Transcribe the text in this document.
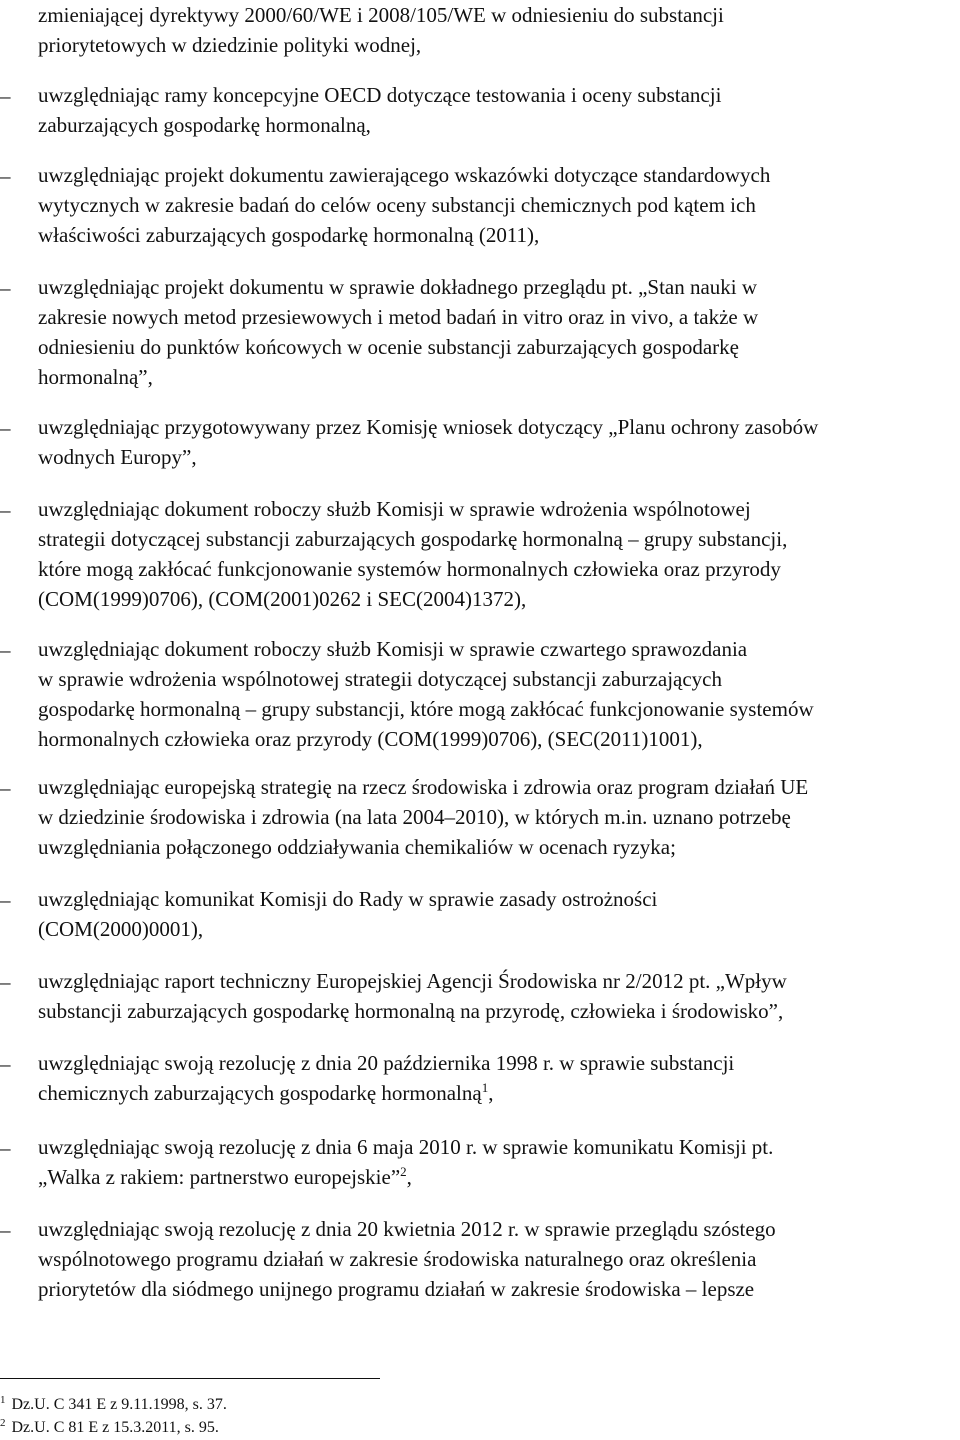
zmieniającej dyrektywy 2000/60/WE i 2008/105/WE w odniesieniu do substancji
priorytetowych w dziedzinie polityki wodnej,
–	uwzględniając ramy koncepcyjne OECD dotyczące testowania i oceny substancji
zaburzających gospodarkę hormonalną,
–	uwzględniając projekt dokumentu zawierającego wskazówki dotyczące standardowych
wytycznych w zakresie badań do celów oceny substancji chemicznych pod kątem ich
właściwości zaburzających gospodarkę hormonalną (2011),
–	uwzględniając projekt dokumentu w sprawie dokładnego przeglądu pt. „Stan nauki w
zakresie nowych metod przesiewowych i metod badań in vitro oraz in vivo, a także w
odniesieniu do punktów końcowych w ocenie substancji zaburzających gospodarkę
hormonalną”,
–	uwzględniając przygotowywany przez Komisję wniosek dotyczący „Planu ochrony zasobów
wodnych Europy”,
–	uwzględniając dokument roboczy służb Komisji w sprawie wdrożenia wspólnotowej
strategii dotyczącej substancji zaburzających gospodarkę hormonalną – grupy substancji,
które mogą zakłócać funkcjonowanie systemów hormonalnych człowieka oraz przyrody
(COM(1999)0706), (COM(2001)0262 i SEC(2004)1372),
–	uwzględniając dokument roboczy służb Komisji w sprawie czwartego sprawozdania
w sprawie wdrożenia wspólnotowej strategii dotyczącej substancji zaburzających
gospodarkę hormonalną – grupy substancji, które mogą zakłócać funkcjonowanie systemów
hormonalnych człowieka oraz przyrody (COM(1999)0706), (SEC(2011)1001),
–	uwzględniając europejską strategię na rzecz środowiska i zdrowia oraz program działań UE
w dziedzinie środowiska i zdrowia (na lata 2004–2010), w których m.in. uznano potrzebę
uwzględniania połączonego oddziaływania chemikaliów w ocenach ryzyka;
–	uwzględniając komunikat Komisji do Rady w sprawie zasady ostrożności
(COM(2000)0001),
–	uwzględniając raport techniczny Europejskiej Agencji Środowiska nr 2/2012 pt. „Wpływ
substancji zaburzających gospodarkę hormonalną na przyrodę, człowieka i środowisko”,
–	uwzględniając swoją rezolucję z dnia 20 października 1998 r. w sprawie substancji
chemicznych zaburzających gospodarkę hormonalną$^1$,
–	uwzględniając swoją rezolucję z dnia 6 maja 2010 r. w sprawie komunikatu Komisji pt.
„Walka z rakiem: partnerstwo europejskie”$^2$,
–	uwzględniając swoją rezolucję z dnia 20 kwietnia 2012 r. w sprawie przeglądu szóstego
wspólnotowego programu działań w zakresie środowiska naturalnego oraz określenia
priorytetów dla siódmego unijnego programu działań w zakresie środowiska – lepsze
$^1$ Dz.U. C 341 E z 9.11.1998, s. 37.
$^2$ Dz.U. C 81 E z 15.3.2011, s. 95.
